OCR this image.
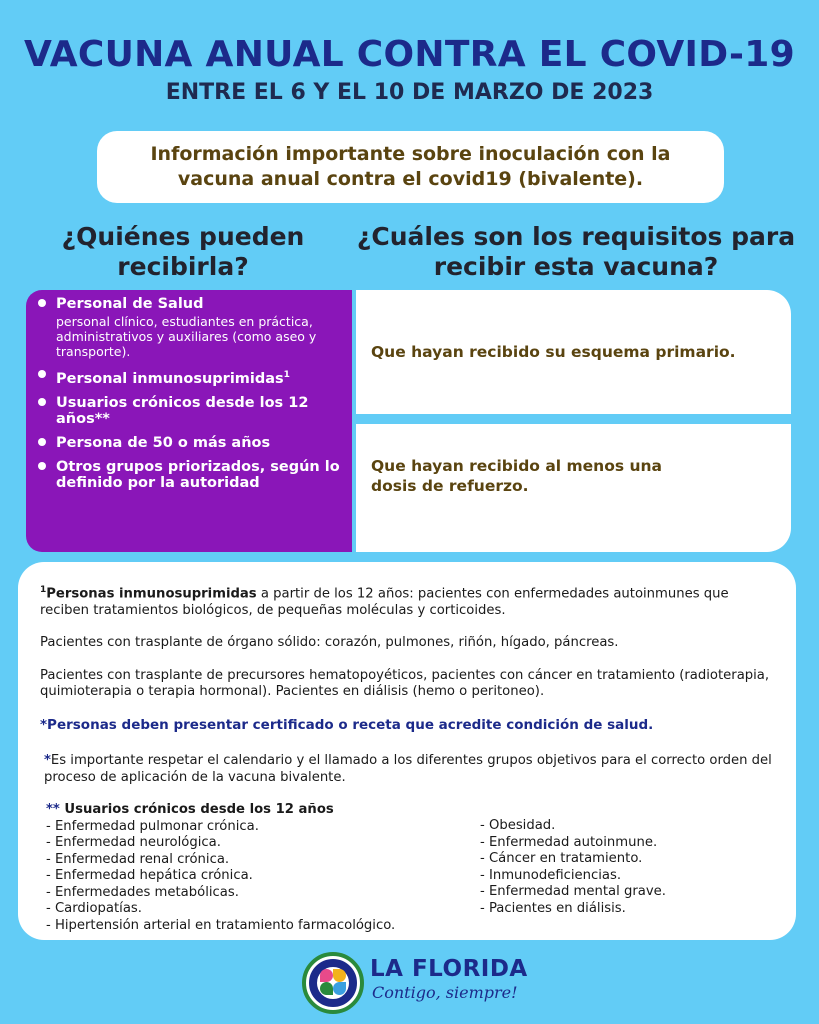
VACUNA ANUAL CONTRA EL COVID-19
ENTRE EL 6 Y EL 10 DE MARZO DE 2023
Información importante sobre inoculación con la vacuna anual contra el covid19 (bivalente).
¿Quiénes pueden recibirla?
¿Cuáles son los requisitos para recibir esta vacuna?
Personal de Salud
personal clínico, estudiantes en práctica, administrativos y auxiliares (como aseo y transporte).
Personal inmunosuprimidas$^1$
Usuarios crónicos desde los 12 años**
Persona de 50 o más años
Otros grupos priorizados, según lo definido por la autoridad
Que hayan recibido su esquema primario.
Que hayan recibido al menos una dosis de refuerzo.

$^1$Personas inmunosuprimidas a partir de los 12 años: pacientes con enfermedades autoinmunes que reciben tratamientos biológicos, de pequeñas moléculas y corticoides.

Pacientes con trasplante de órgano sólido: corazón, pulmones, riñón, hígado, páncreas.

Pacientes con trasplante de precursores hematopoyéticos, pacientes con cáncer en tratamiento (radioterapia, quimioterapia o terapia hormonal). Pacientes en diálisis (hemo o peritoneo).

*Personas deben presentar certificado o receta que acredite condición de salud.

*Es importante respetar el calendario y el llamado a los diferentes grupos objetivos para el correcto orden del proceso de aplicación de la vacuna bivalente.

** Usuarios crónicos desde los 12 años
- Enfermedad pulmonar crónica.
- Enfermedad neurológica.
- Enfermedad renal crónica.
- Enfermedad hepática crónica.
- Enfermedades metabólicas.
- Cardiopatías.
- Hipertensión arterial en tratamiento farmacológico.
- Obesidad.
- Enfermedad autoinmune.
- Cáncer en tratamiento.
- Inmunodeficiencias.
- Enfermedad mental grave.
- Pacientes en diálisis.
LA FLORIDA
Contigo, siempre!
